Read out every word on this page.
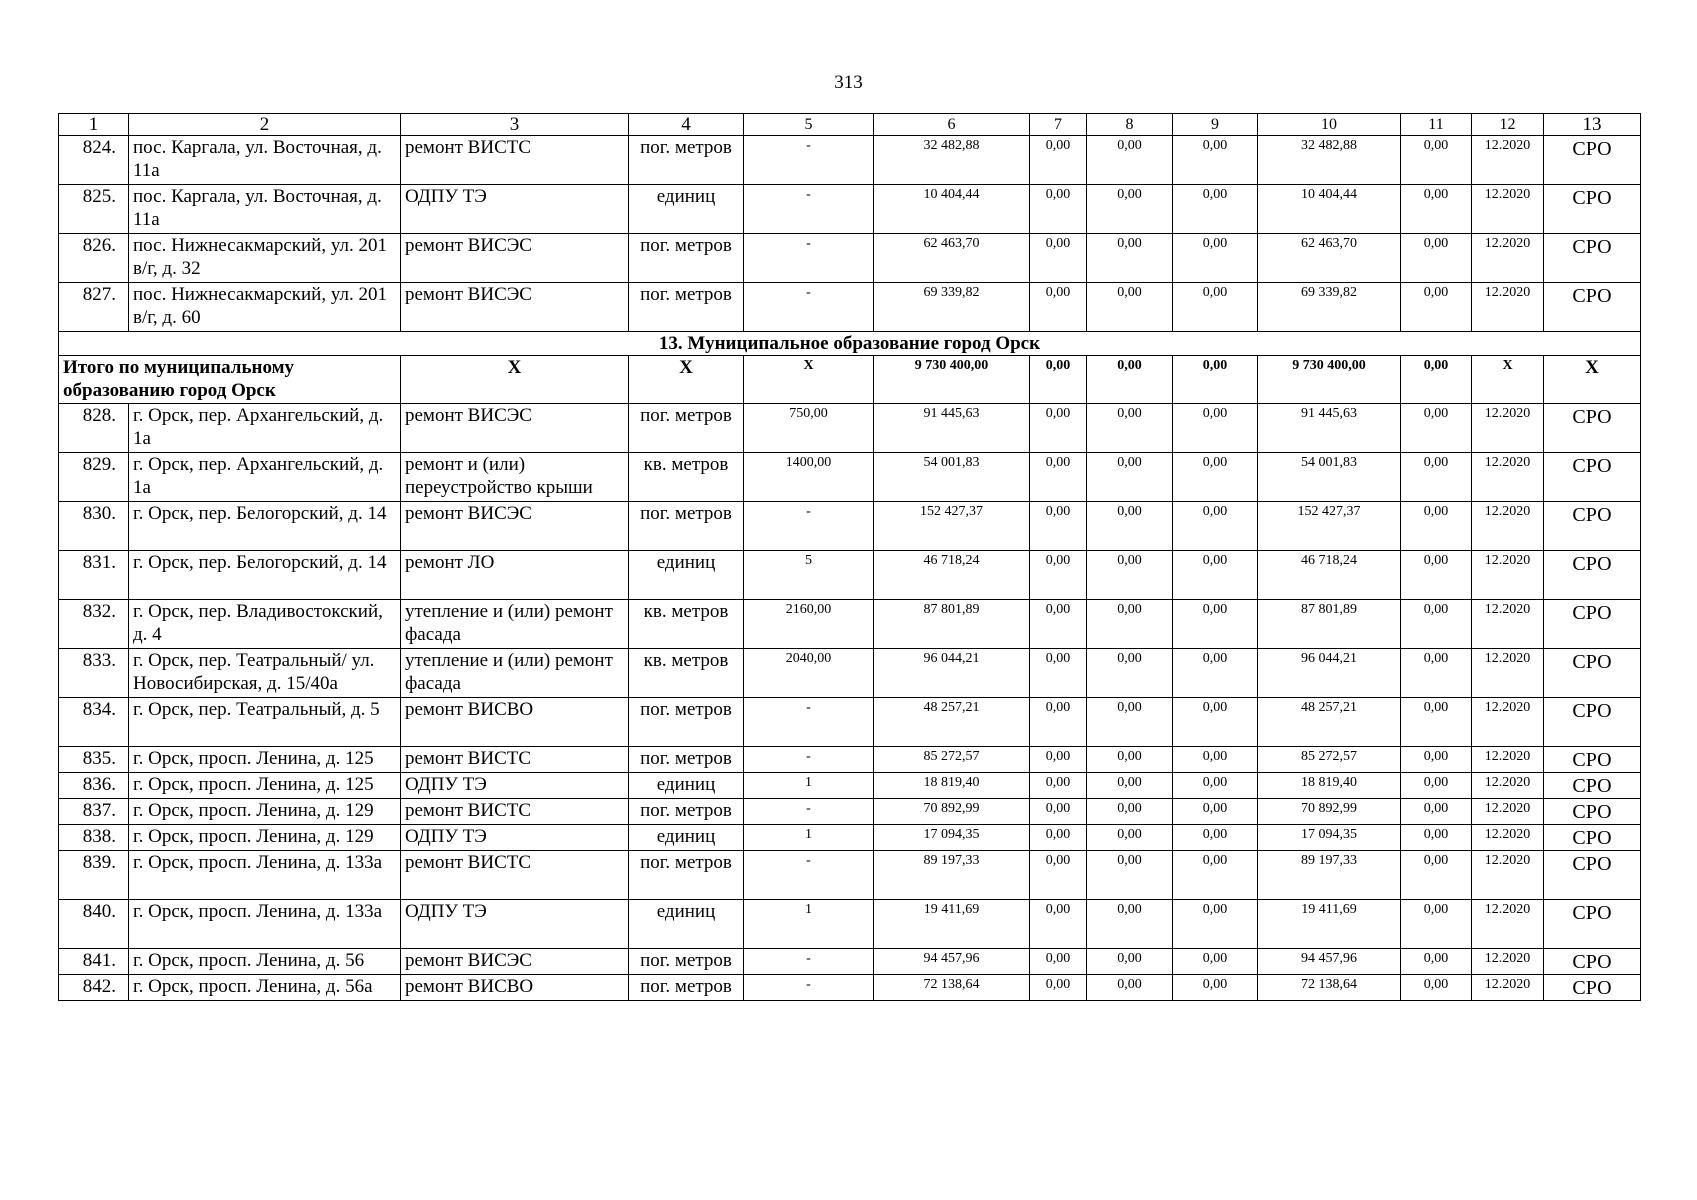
313
1	2	3	4	5	6	7	8	9	10	11	12	13
824.	пос. Каргала, ул. Восточная, д. 11а	ремонт ВИСТС	пог. метров	-	32 482,88	0,00	0,00	0,00	32 482,88	0,00	12.2020	СРО
825.	пос. Каргала, ул. Восточная, д. 11а	ОДПУ ТЭ	единиц	-	10 404,44	0,00	0,00	0,00	10 404,44	0,00	12.2020	СРО
826.	пос. Нижнесакмарский, ул. 201 в/г, д. 32	ремонт ВИСЭС	пог. метров	-	62 463,70	0,00	0,00	0,00	62 463,70	0,00	12.2020	СРО
827.	пос. Нижнесакмарский, ул. 201 в/г, д. 60	ремонт ВИСЭС	пог. метров	-	69 339,82	0,00	0,00	0,00	69 339,82	0,00	12.2020	СРО
13. Муниципальное образование город Орск												
Итого по муниципальному образованию город Орск		Х	Х	Х	9 730 400,00	0,00	0,00	0,00	9 730 400,00	0,00	Х	Х
828.	г. Орск, пер. Архангельский, д. 1а	ремонт ВИСЭС	пог. метров	750,00	91 445,63	0,00	0,00	0,00	91 445,63	0,00	12.2020	СРО
829.	г. Орск, пер. Архангельский, д. 1а	ремонт и (или) переустройство крыши	кв. метров	1400,00	54 001,83	0,00	0,00	0,00	54 001,83	0,00	12.2020	СРО
830.	г. Орск, пер. Белогорский, д. 14	ремонт ВИСЭС	пог. метров	-	152 427,37	0,00	0,00	0,00	152 427,37	0,00	12.2020	СРО
831.	г. Орск, пер. Белогорский, д. 14	ремонт ЛО	единиц	5	46 718,24	0,00	0,00	0,00	46 718,24	0,00	12.2020	СРО
832.	г. Орск, пер. Владивостокский, д. 4	утепление и (или) ремонт фасада	кв. метров	2160,00	87 801,89	0,00	0,00	0,00	87 801,89	0,00	12.2020	СРО
833.	г. Орск, пер. Театральный/ ул. Новосибирская, д. 15/40а	утепление и (или) ремонт фасада	кв. метров	2040,00	96 044,21	0,00	0,00	0,00	96 044,21	0,00	12.2020	СРО
834.	г. Орск, пер. Театральный, д. 5	ремонт ВИСВО	пог. метров	-	48 257,21	0,00	0,00	0,00	48 257,21	0,00	12.2020	СРО
835.	г. Орск, просп. Ленина, д. 125	ремонт ВИСТС	пог. метров	-	85 272,57	0,00	0,00	0,00	85 272,57	0,00	12.2020	СРО
836.	г. Орск, просп. Ленина, д. 125	ОДПУ ТЭ	единиц	1	18 819,40	0,00	0,00	0,00	18 819,40	0,00	12.2020	СРО
837.	г. Орск, просп. Ленина, д. 129	ремонт ВИСТС	пог. метров	-	70 892,99	0,00	0,00	0,00	70 892,99	0,00	12.2020	СРО
838.	г. Орск, просп. Ленина, д. 129	ОДПУ ТЭ	единиц	1	17 094,35	0,00	0,00	0,00	17 094,35	0,00	12.2020	СРО
839.	г. Орск, просп. Ленина, д. 133а	ремонт ВИСТС	пог. метров	-	89 197,33	0,00	0,00	0,00	89 197,33	0,00	12.2020	СРО
840.	г. Орск, просп. Ленина, д. 133а	ОДПУ ТЭ	единиц	1	19 411,69	0,00	0,00	0,00	19 411,69	0,00	12.2020	СРО
841.	г. Орск, просп. Ленина, д. 56	ремонт ВИСЭС	пог. метров	-	94 457,96	0,00	0,00	0,00	94 457,96	0,00	12.2020	СРО
842.	г. Орск, просп. Ленина, д. 56а	ремонт ВИСВО	пог. метров	-	72 138,64	0,00	0,00	0,00	72 138,64	0,00	12.2020	СРО
